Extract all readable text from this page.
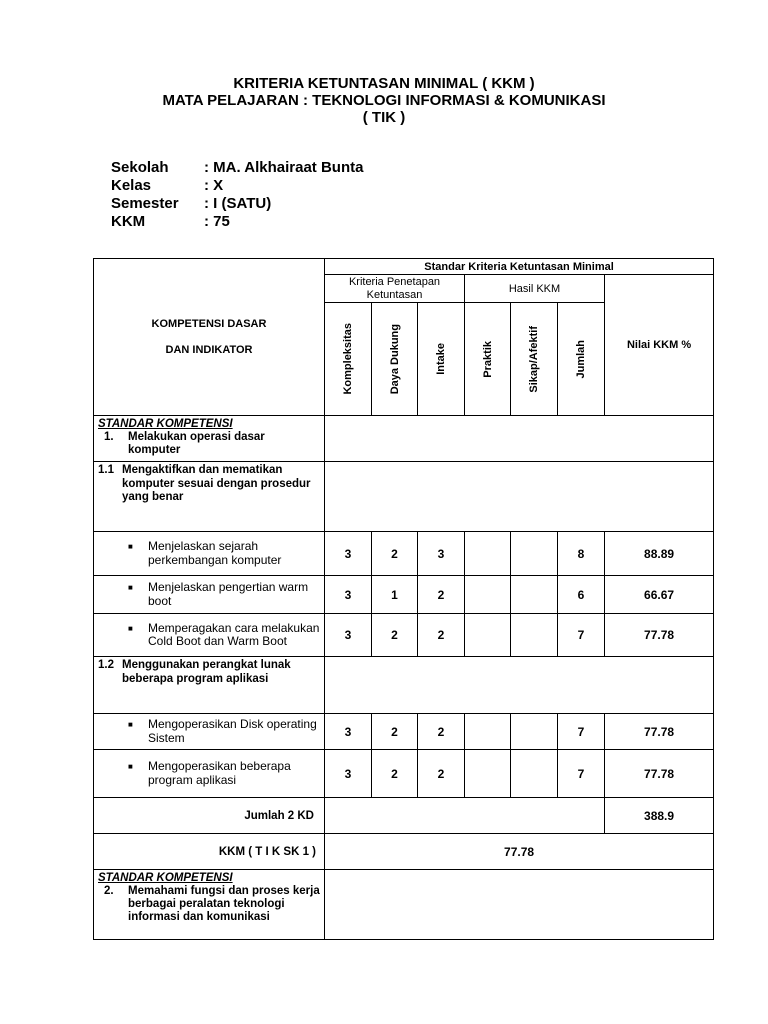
KRITERIA KETUNTASAN MINIMAL ( KKM )
MATA PELAJARAN : TEKNOLOGI INFORMASI & KOMUNIKASI
( TIK )
Sekolah	: MA. Alkhairaat Bunta
Kelas	: X
Semester	: I (SATU)
KKM	: 75
KOMPETENSI DASAR
DAN INDIKATOR	Standar Kriteria Ketuntasan Minimal						
	Kriteria Penetapan Ketuntasan			Hasil KKM			Nilai KKM %

	Kompleksitas	Daya Dukung	Intake	Praktik	Sikap/Afektif	Jumlah	

STANDAR KOMPETENSI
1. Melakukan operasi dasar komputer							

1.1 Mengaktifkan dan mematikan komputer sesuai dengan prosedur yang benar							

■ Menjelaskan sejarah perkembangan komputer	3	2	3			8	88.89

■ Menjelaskan pengertian warm boot	3	1	2			6	66.67

■ Memperagakan cara melakukan Cold Boot dan Warm Boot	3	2	2			7	77.78

1.2 Menggunakan perangkat lunak beberapa program aplikasi							

■ Mengoperasikan Disk operating Sistem	3	2	2			7	77.78

■ Mengoperasikan beberapa program aplikasi	3	2	2			7	77.78
Jumlah 2 KD							388.9
KKM ( T I K SK 1 )	77.78						

STANDAR KOMPETENSI
2. Memahami fungsi dan proses kerja berbagai peralatan teknologi informasi dan komunikasi							
